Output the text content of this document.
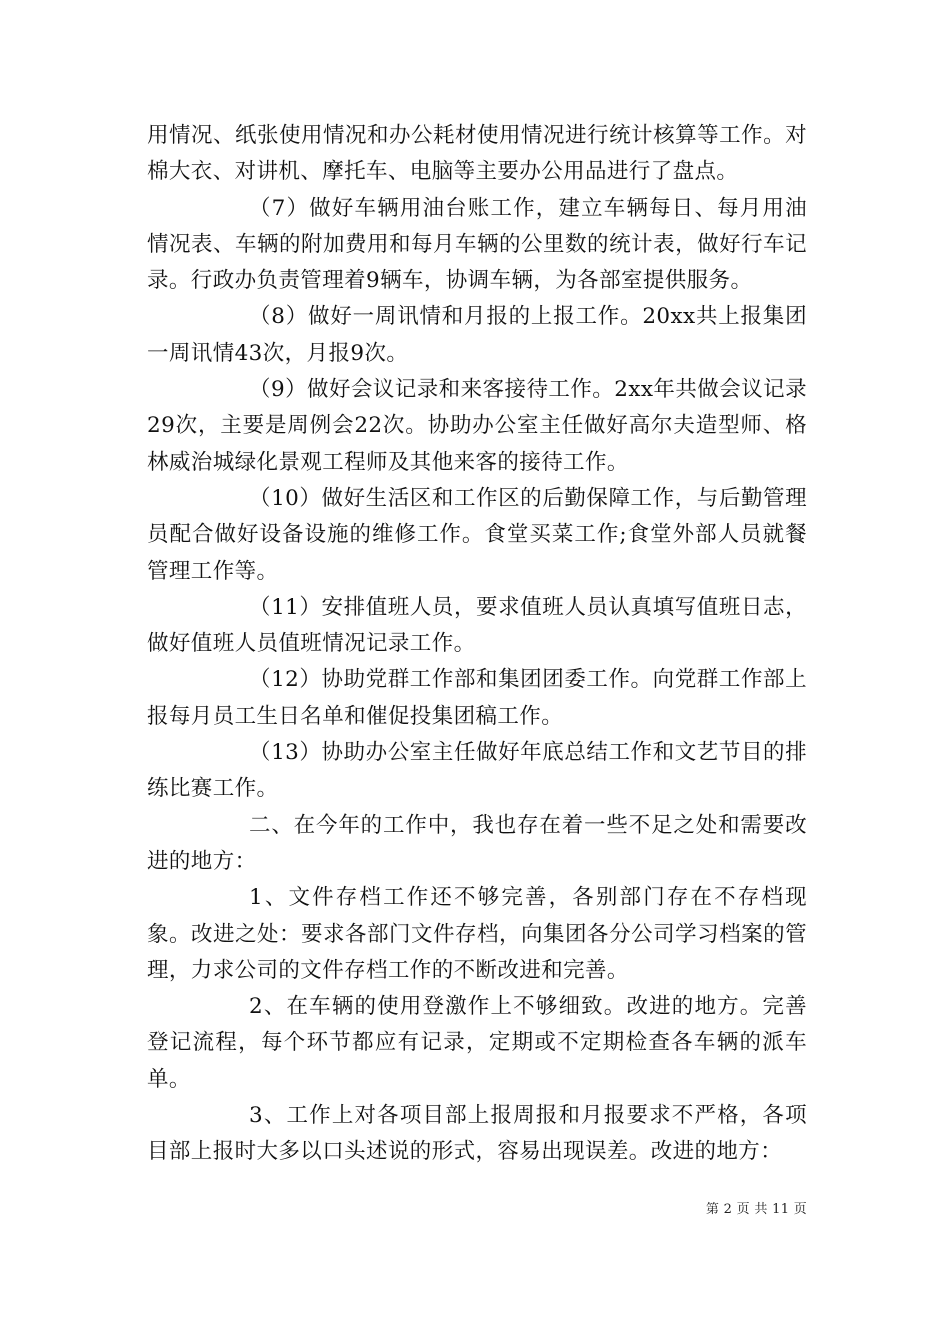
用情况、纸张使用情况和办公耗材使用情况进行统计核算等工作。对棉大衣、对讲机、摩托车、电脑等主要办公用品进行了盘点。

（7）做好车辆用油台账工作，建立车辆每日、每月用油情况表、车辆的附加费用和每月车辆的公里数的统计表，做好行车记录。行政办负责管理着9辆车，协调车辆，为各部室提供服务。

（8）做好一周讯情和月报的上报工作。20xx共上报集团一周讯情43次，月报9次。

（9）做好会议记录和来客接待工作。2xx年共做会议记录29次，主要是周例会22次。协助办公室主任做好高尔夫造型师、格林威治城绿化景观工程师及其他来客的接待工作。

（10）做好生活区和工作区的后勤保障工作，与后勤管理员配合做好设备设施的维修工作。食堂买菜工作;食堂外部人员就餐管理工作等。

（11）安排值班人员，要求值班人员认真填写值班日志，做好值班人员值班情况记录工作。

（12）协助党群工作部和集团团委工作。向党群工作部上报每月员工生日名单和催促投集团稿工作。

（13）协助办公室主任做好年底总结工作和文艺节目的排练比赛工作。

二、在今年的工作中，我也存在着一些不足之处和需要改进的地方：

1、文件存档工作还不够完善，各别部门存在不存档现象。改进之处：要求各部门文件存档，向集团各分公司学习档案的管理，力求公司的文件存档工作的不断改进和完善。

2、在车辆的使用登激作上不够细致。改进的地方。完善登记流程，每个环节都应有记录，定期或不定期检查各车辆的派车单。

3、工作上对各项目部上报周报和月报要求不严格，各项目部上报时大多以口头述说的形式，容易出现误差。改进的地方：

第 2 页 共 11 页
